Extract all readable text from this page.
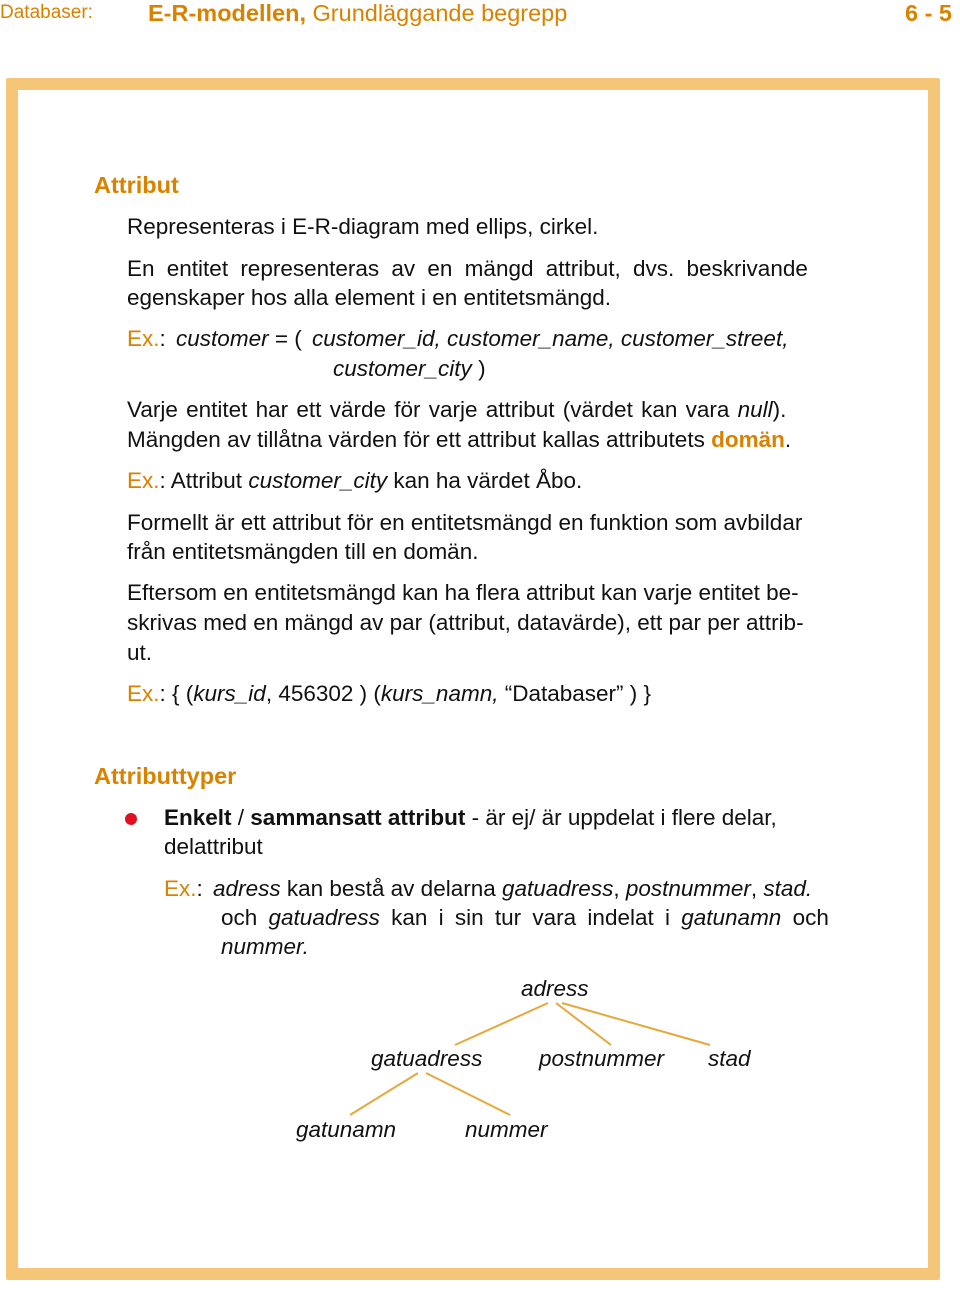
Databaser: E-R-modellen, Grundläggande begrepp	6 - 5
Attribut
Representeras i E-R-diagram med ellips, cirkel.
En entitet representeras av en mängd attribut, dvs. beskrivande
egenskaper hos alla element i en entitetsmängd.
Ex.: customer = ( customer_id, customer_name, customer_street,
customer_city )
Varje entitet har ett värde för varje attribut (värdet kan vara null).
Mängden av tillåtna värden för ett attribut kallas attributets domän.
Ex.: Attribut customer_city kan ha värdet Åbo.
Formellt är ett attribut för en entitetsmängd en funktion som avbildar
från entitetsmängden till en domän.
Eftersom en entitetsmängd kan ha flera attribut kan varje entitet be-
skrivas med en mängd av par (attribut, datavärde), ett par per attrib-
ut.
Ex.: { (kurs_id, 456302 ) (kurs_namn, “Databaser” ) }
Attributtyper
Enkelt / sammansatt attribut - är ej/ är uppdelat i flere delar,
delattribut
Ex.: adress kan bestå av delarna gatuadress, postnummer, stad.
och gatuadress kan i sin tur vara indelat i gatunamn och
nummer.
adress
gatuadress	postnummer stad
gatunamn	nummer
